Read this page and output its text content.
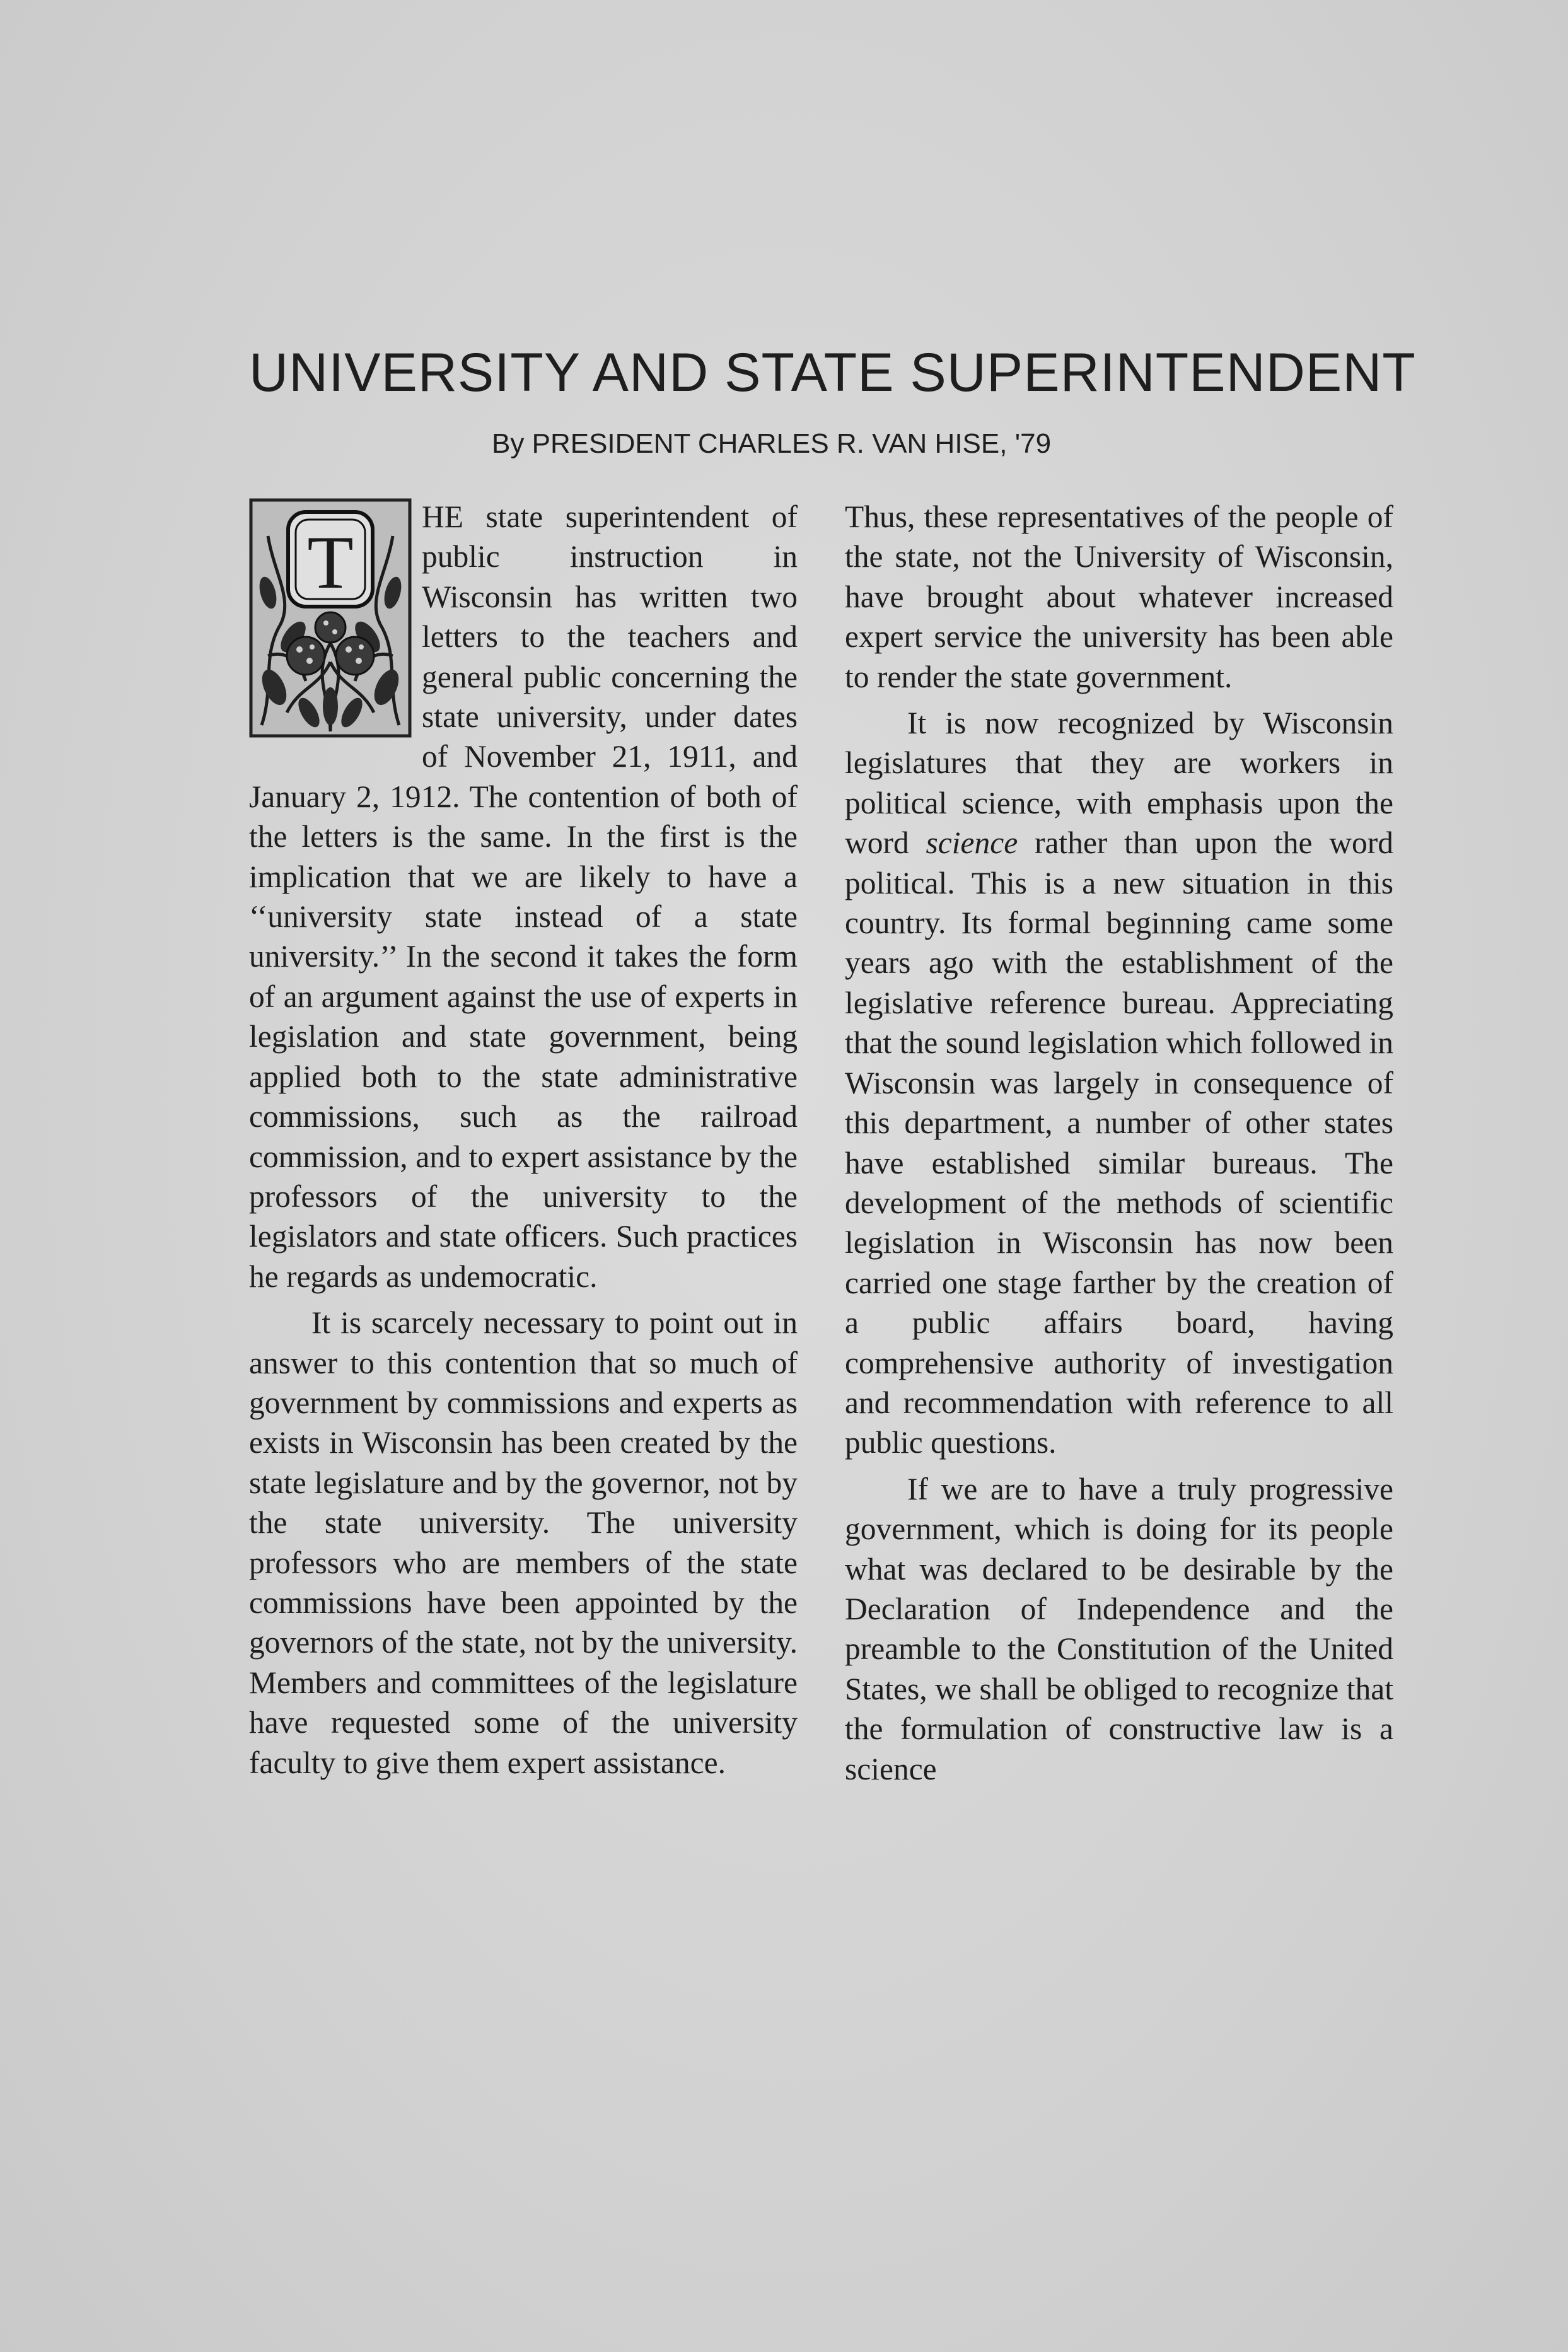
UNIVERSITY AND STATE SUPERINTENDENT
By PRESIDENT CHARLES R. VAN HISE, '79
T

HE state superintendent of public instruction in Wisconsin has written two letters to the teachers and general public concerning the state university, under dates of November 21, 1911, and January 2, 1912. The contention of both of the letters is the same. In the first is the implication that we are likely to have a ‘‘university state instead of a state university.’’ In the second it takes the form of an argument against the use of experts in legislation and state government, being applied both to the state administrative commissions, such as the railroad commission, and to expert assistance by the professors of the university to the legislators and state officers. Such practices he regards as undemocratic.

It is scarcely necessary to point out in answer to this contention that so much of government by commissions and experts as exists in Wisconsin has been created by the state legislature and by the governor, not by the state university. The university professors who are members of the state commissions have been appointed by the governors of the state, not by the university. Members and committees of the legislature have requested some of the university faculty to give them expert assistance.

Thus, these representatives of the people of the state, not the University of Wisconsin, have brought about whatever increased expert service the university has been able to render the state government.

It is now recognized by Wisconsin legislatures that they are workers in political science, with emphasis upon the word science rather than upon the word political. This is a new situation in this country. Its formal beginning came some years ago with the establishment of the legislative reference bureau. Appreciating that the sound legislation which followed in Wisconsin was largely in consequence of this department, a number of other states have established similar bureaus. The development of the methods of scientific legislation in Wisconsin has now been carried one stage farther by the creation of a public affairs board, having comprehensive authority of investigation and recommendation with reference to all public questions.

If we are to have a truly progressive government, which is doing for its people what was declared to be desirable by the Declaration of Independence and the preamble to the Constitution of the United States, we shall be obliged to recognize that the formulation of constructive law is a science
